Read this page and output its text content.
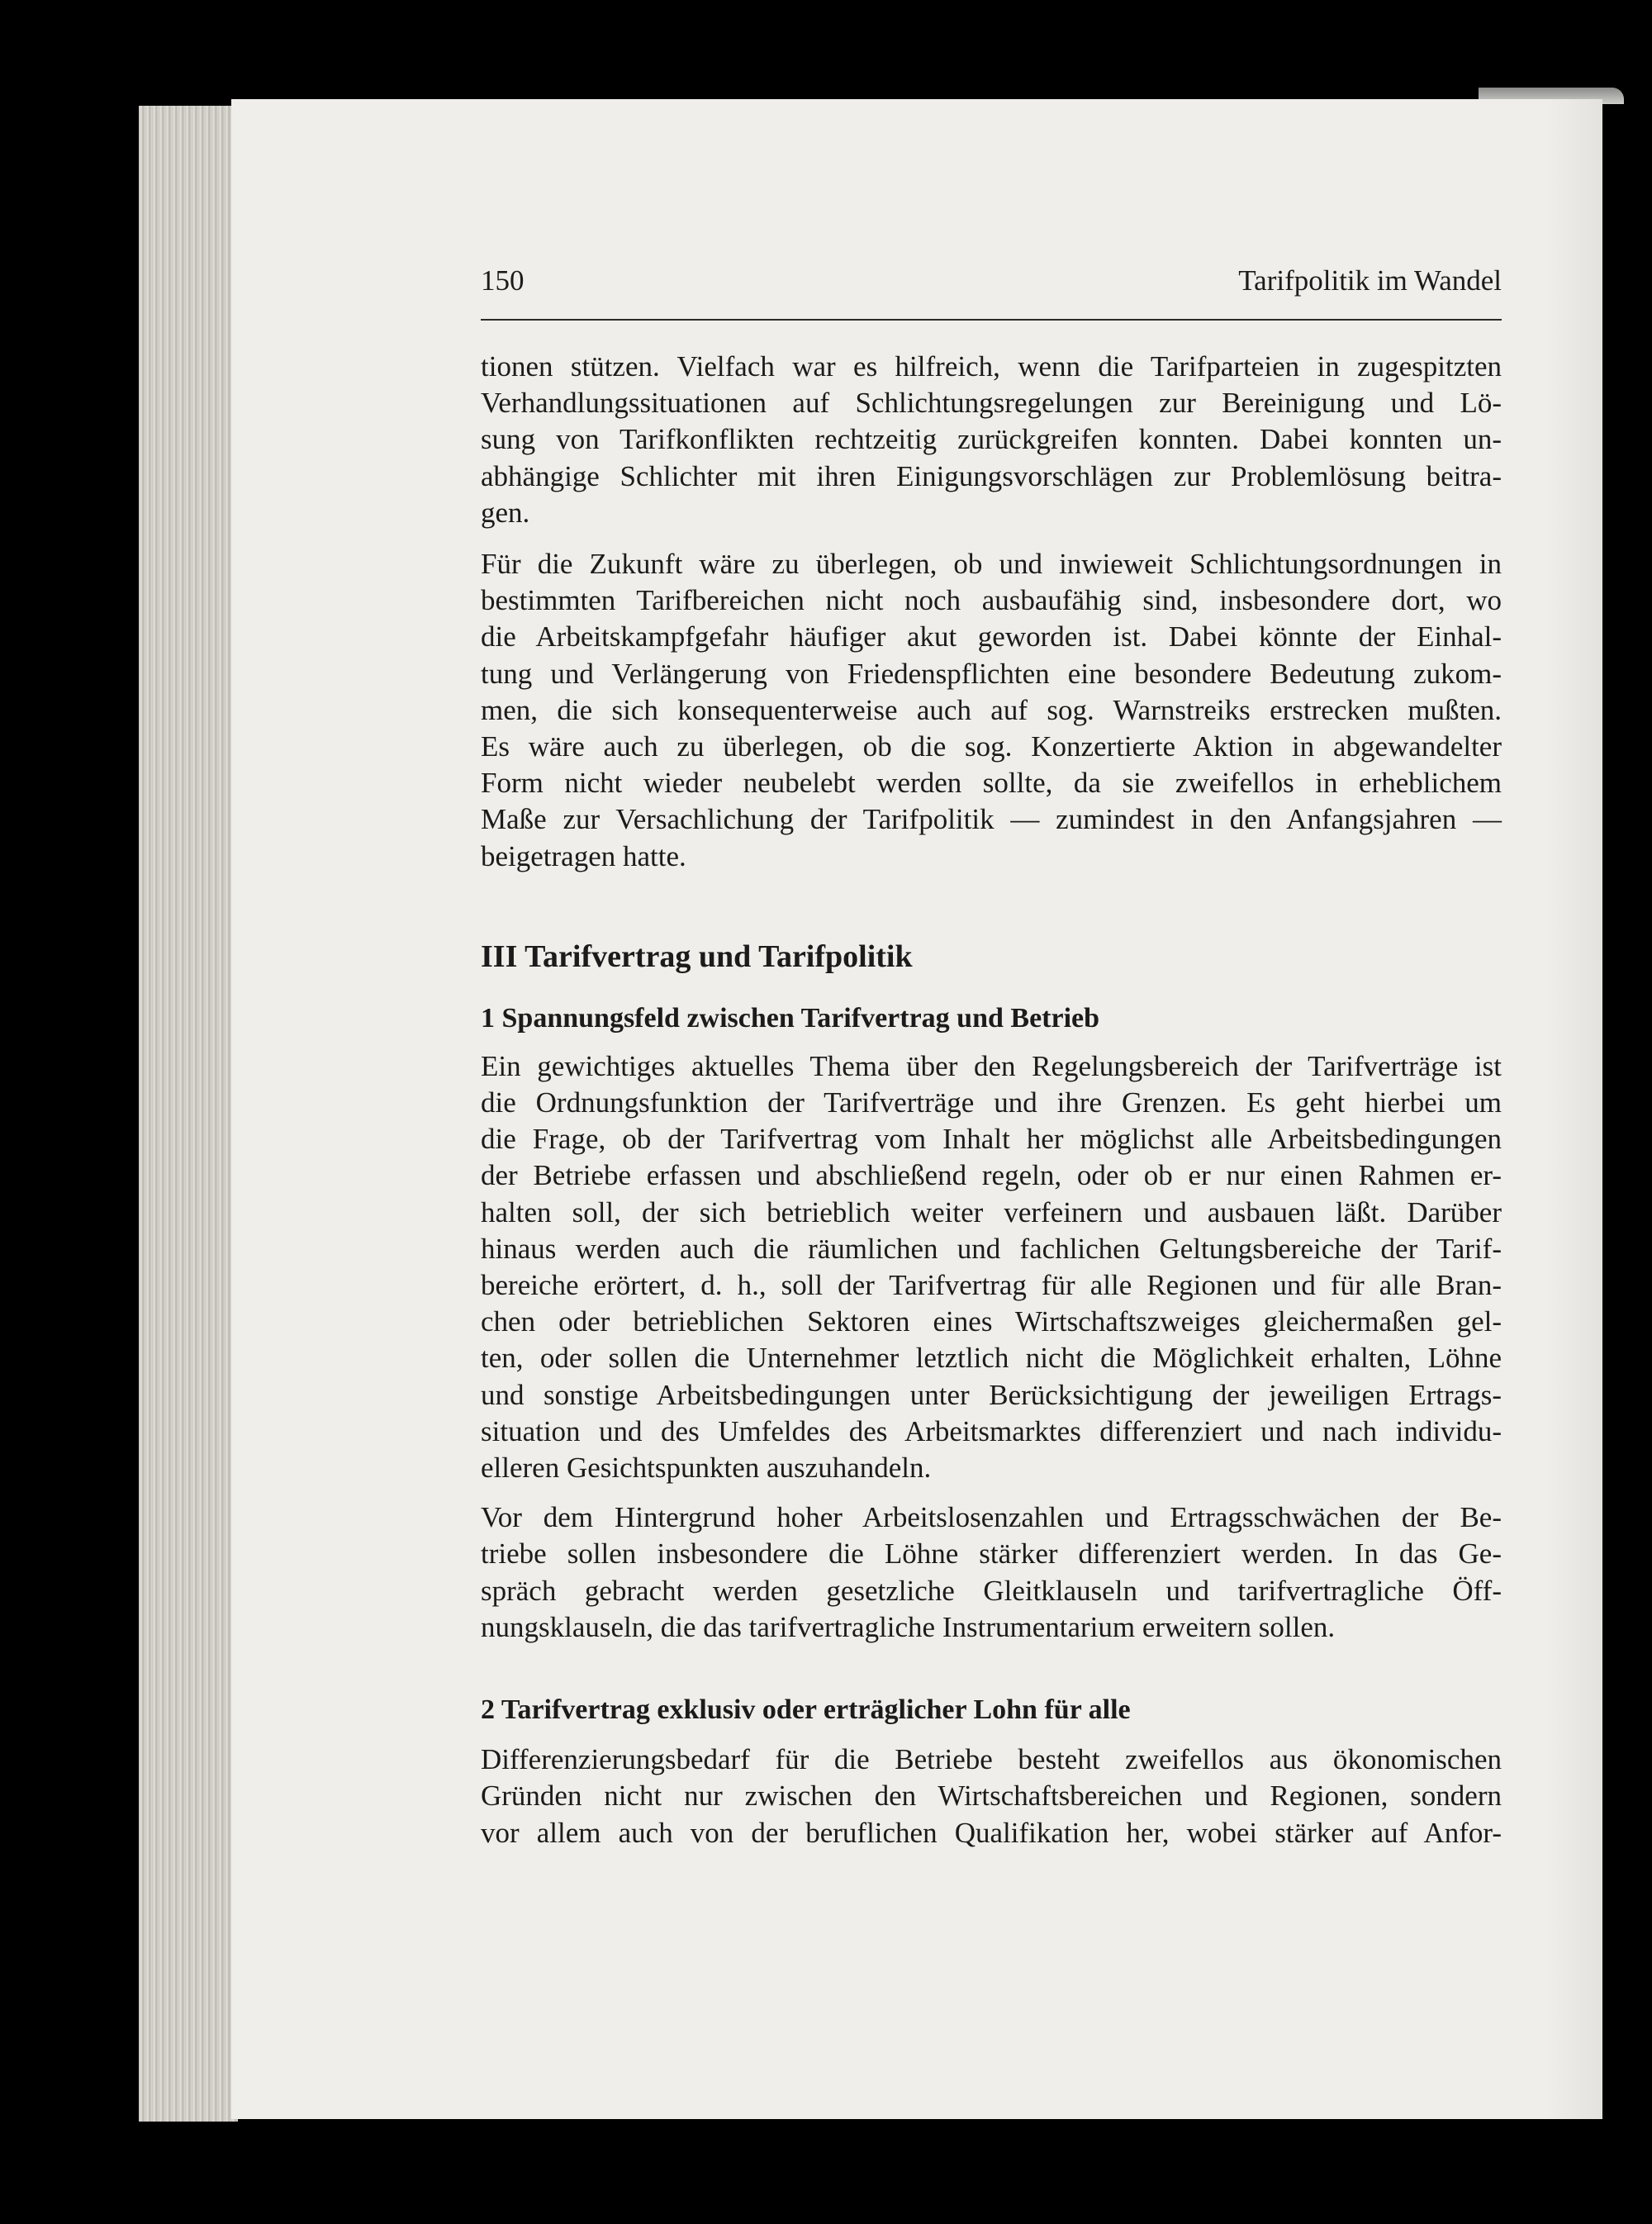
150	Tarifpolitik im Wandel

tionen stützen. Vielfach war es hilfreich, wenn die Tarifparteien in zugespitzten
Verhandlungssituationen auf Schlichtungsregelungen zur Bereinigung und Lö-
sung von Tarifkonflikten rechtzeitig zurückgreifen konnten. Dabei konnten un-
abhängige Schlichter mit ihren Einigungsvorschlägen zur Problemlösung beitra-
gen.

Für die Zukunft wäre zu überlegen, ob und inwieweit Schlichtungsordnungen in
bestimmten Tarifbereichen nicht noch ausbaufähig sind, insbesondere dort, wo
die Arbeitskampfgefahr häufiger akut geworden ist. Dabei könnte der Einhal-
tung und Verlängerung von Friedenspflichten eine besondere Bedeutung zukom-
men, die sich konsequenterweise auch auf sog. Warnstreiks erstrecken mußten.
Es wäre auch zu überlegen, ob die sog. Konzertierte Aktion in abgewandelter
Form nicht wieder neubelebt werden sollte, da sie zweifellos in erheblichem
Maße zur Versachlichung der Tarifpolitik — zumindest in den Anfangsjahren —
beigetragen hatte.

III Tarifvertrag und Tarifpolitik
1 Spannungsfeld zwischen Tarifvertrag und Betrieb

Ein gewichtiges aktuelles Thema über den Regelungsbereich der Tarifverträge ist
die Ordnungsfunktion der Tarifverträge und ihre Grenzen. Es geht hierbei um
die Frage, ob der Tarifvertrag vom Inhalt her möglichst alle Arbeitsbedingungen
der Betriebe erfassen und abschließend regeln, oder ob er nur einen Rahmen er-
halten soll, der sich betrieblich weiter verfeinern und ausbauen läßt. Darüber
hinaus werden auch die räumlichen und fachlichen Geltungsbereiche der Tarif-
bereiche erörtert, d. h., soll der Tarifvertrag für alle Regionen und für alle Bran-
chen oder betrieblichen Sektoren eines Wirtschaftszweiges gleichermaßen gel-
ten, oder sollen die Unternehmer letztlich nicht die Möglichkeit erhalten, Löhne
und sonstige Arbeitsbedingungen unter Berücksichtigung der jeweiligen Ertrags-
situation und des Umfeldes des Arbeitsmarktes differenziert und nach individu-
elleren Gesichtspunkten auszuhandeln.

Vor dem Hintergrund hoher Arbeitslosenzahlen und Ertragsschwächen der Be-
triebe sollen insbesondere die Löhne stärker differenziert werden. In das Ge-
spräch gebracht werden gesetzliche Gleitklauseln und tarifvertragliche Öff-
nungsklauseln, die das tarifvertragliche Instrumentarium erweitern sollen.

2 Tarifvertrag exklusiv oder erträglicher Lohn für alle

Differenzierungsbedarf für die Betriebe besteht zweifellos aus ökonomischen
Gründen nicht nur zwischen den Wirtschaftsbereichen und Regionen, sondern
vor allem auch von der beruflichen Qualifikation her, wobei stärker auf Anfor-
